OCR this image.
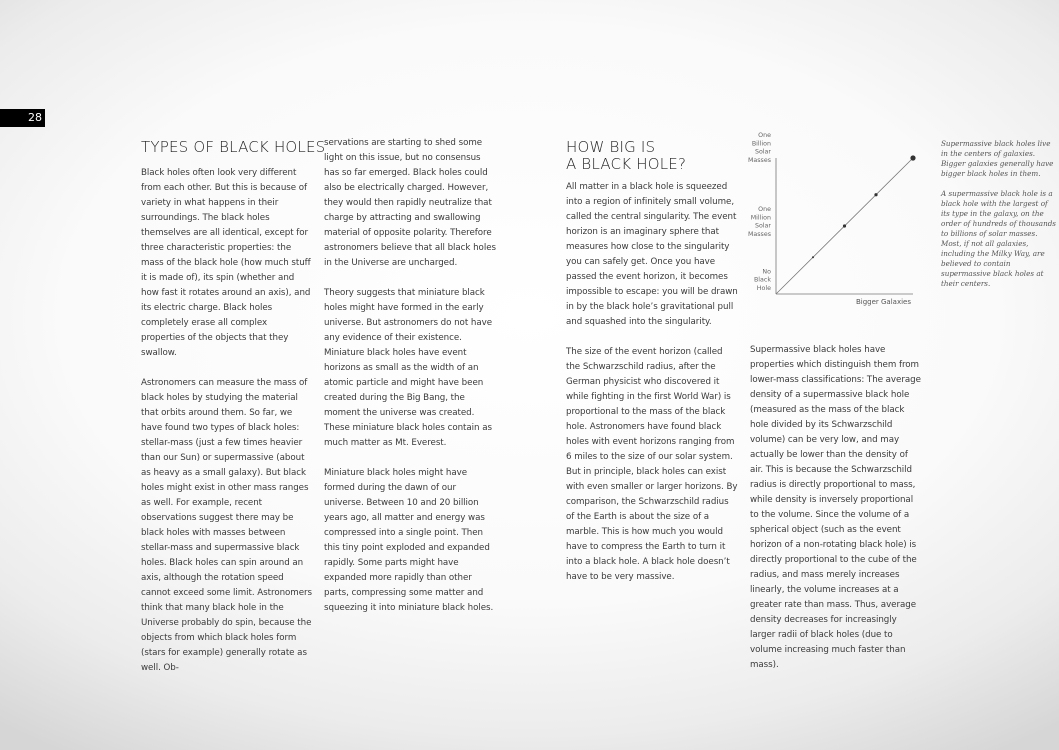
28
TYPES OF BLACK HOLES

Black holes often look very different from each other. But this is because of variety in what happens in their surroundings. The black holes themselves are all identical, except for three characteristic properties: the mass of the black hole (how much stuff it is made of), its spin (whether and how fast it rotates around an axis), and its electric charge. Black holes completely erase all complex properties of the objects that they swallow.

Astronomers can measure the mass of black holes by studying the material that orbits around them. So far, we have found two types of black holes: stellar-mass (just a few times heavier than our Sun) or supermassive (about as heavy as a small galaxy). But black holes might exist in other mass ranges as well. For example, recent observations suggest there may be black holes with masses between stellar-mass and supermassive black holes. Black holes can spin around an axis, although the rotation speed cannot exceed some limit. Astronomers think that many black hole in the Universe probably do spin, because the objects from which black holes form (stars for example) generally rotate as well. Ob-

servations are starting to shed some light on this issue, but no consensus has so far emerged. Black holes could also be electrically charged. However, they would then rapidly neutralize that charge by attracting and swallowing material of opposite polarity. Therefore astronomers believe that all black holes in the Universe are uncharged.

Theory suggests that miniature black holes might have formed in the early universe. But astronomers do not have any evidence of their existence. Miniature black holes have event horizons as small as the width of an atomic particle and might have been created during the Big Bang, the moment the universe was created. These miniature black holes contain as much matter as Mt. Everest.

Miniature black holes might have formed during the dawn of our universe. Between 10 and 20 billion years ago, all matter and energy was compressed into a single point. Then this tiny point exploded and expanded rapidly. Some parts might have expanded more rapidly than other parts, compressing some matter and squeezing it into miniature black holes.

HOW BIG IS
A BLACK HOLE?

All matter in a black hole is squeezed into a region of infinitely small volume, called the central singularity. The event horizon is an imaginary sphere that measures how close to the singularity you can safely get. Once you have passed the event horizon, it becomes impossible to escape: you will be drawn in by the black hole’s gravitational pull and squashed into the singularity.

The size of the event horizon (called the Schwarzschild radius, after the German physicist who discovered it while fighting in the first World War) is proportional to the mass of the black hole. Astronomers have found black holes with event horizons ranging from 6 miles to the size of our solar system. But in principle, black holes can exist with even smaller or larger horizons. By comparison, the Schwarzschild radius of the Earth is about the size of a marble. This is how much you would have to compress the Earth to turn it into a black hole. A black hole doesn’t have to be very massive.

Supermassive black holes have properties which distinguish them from lower-mass classifications: The average density of a supermassive black hole (measured as the mass of the black hole divided by its Schwarzschild volume) can be very low, and may actually be lower than the density of air. This is because the Schwarzschild radius is directly proportional to mass, while density is inversely proportional to the volume. Since the volume of a spherical object (such as the event horizon of a non-rotating black hole) is directly proportional to the cube of the radius, and mass merely increases linearly, the volume increases at a greater rate than mass. Thus, average density decreases for increasingly larger radii of black holes (due to volume increasing much faster than mass).

No Black Hole
One Million Solar Masses
One Billion Solar Masses
Bigger Galaxies

Supermassive black holes live in the centers of galaxies. Bigger galaxies generally have bigger black holes in them.

A supermassive black hole is a black hole with the largest of its type in the galaxy, on the order of hundreds of thousands to billions of solar masses. Most, if not all galaxies, including the Milky Way, are believed to contain supermassive black holes at their centers.
